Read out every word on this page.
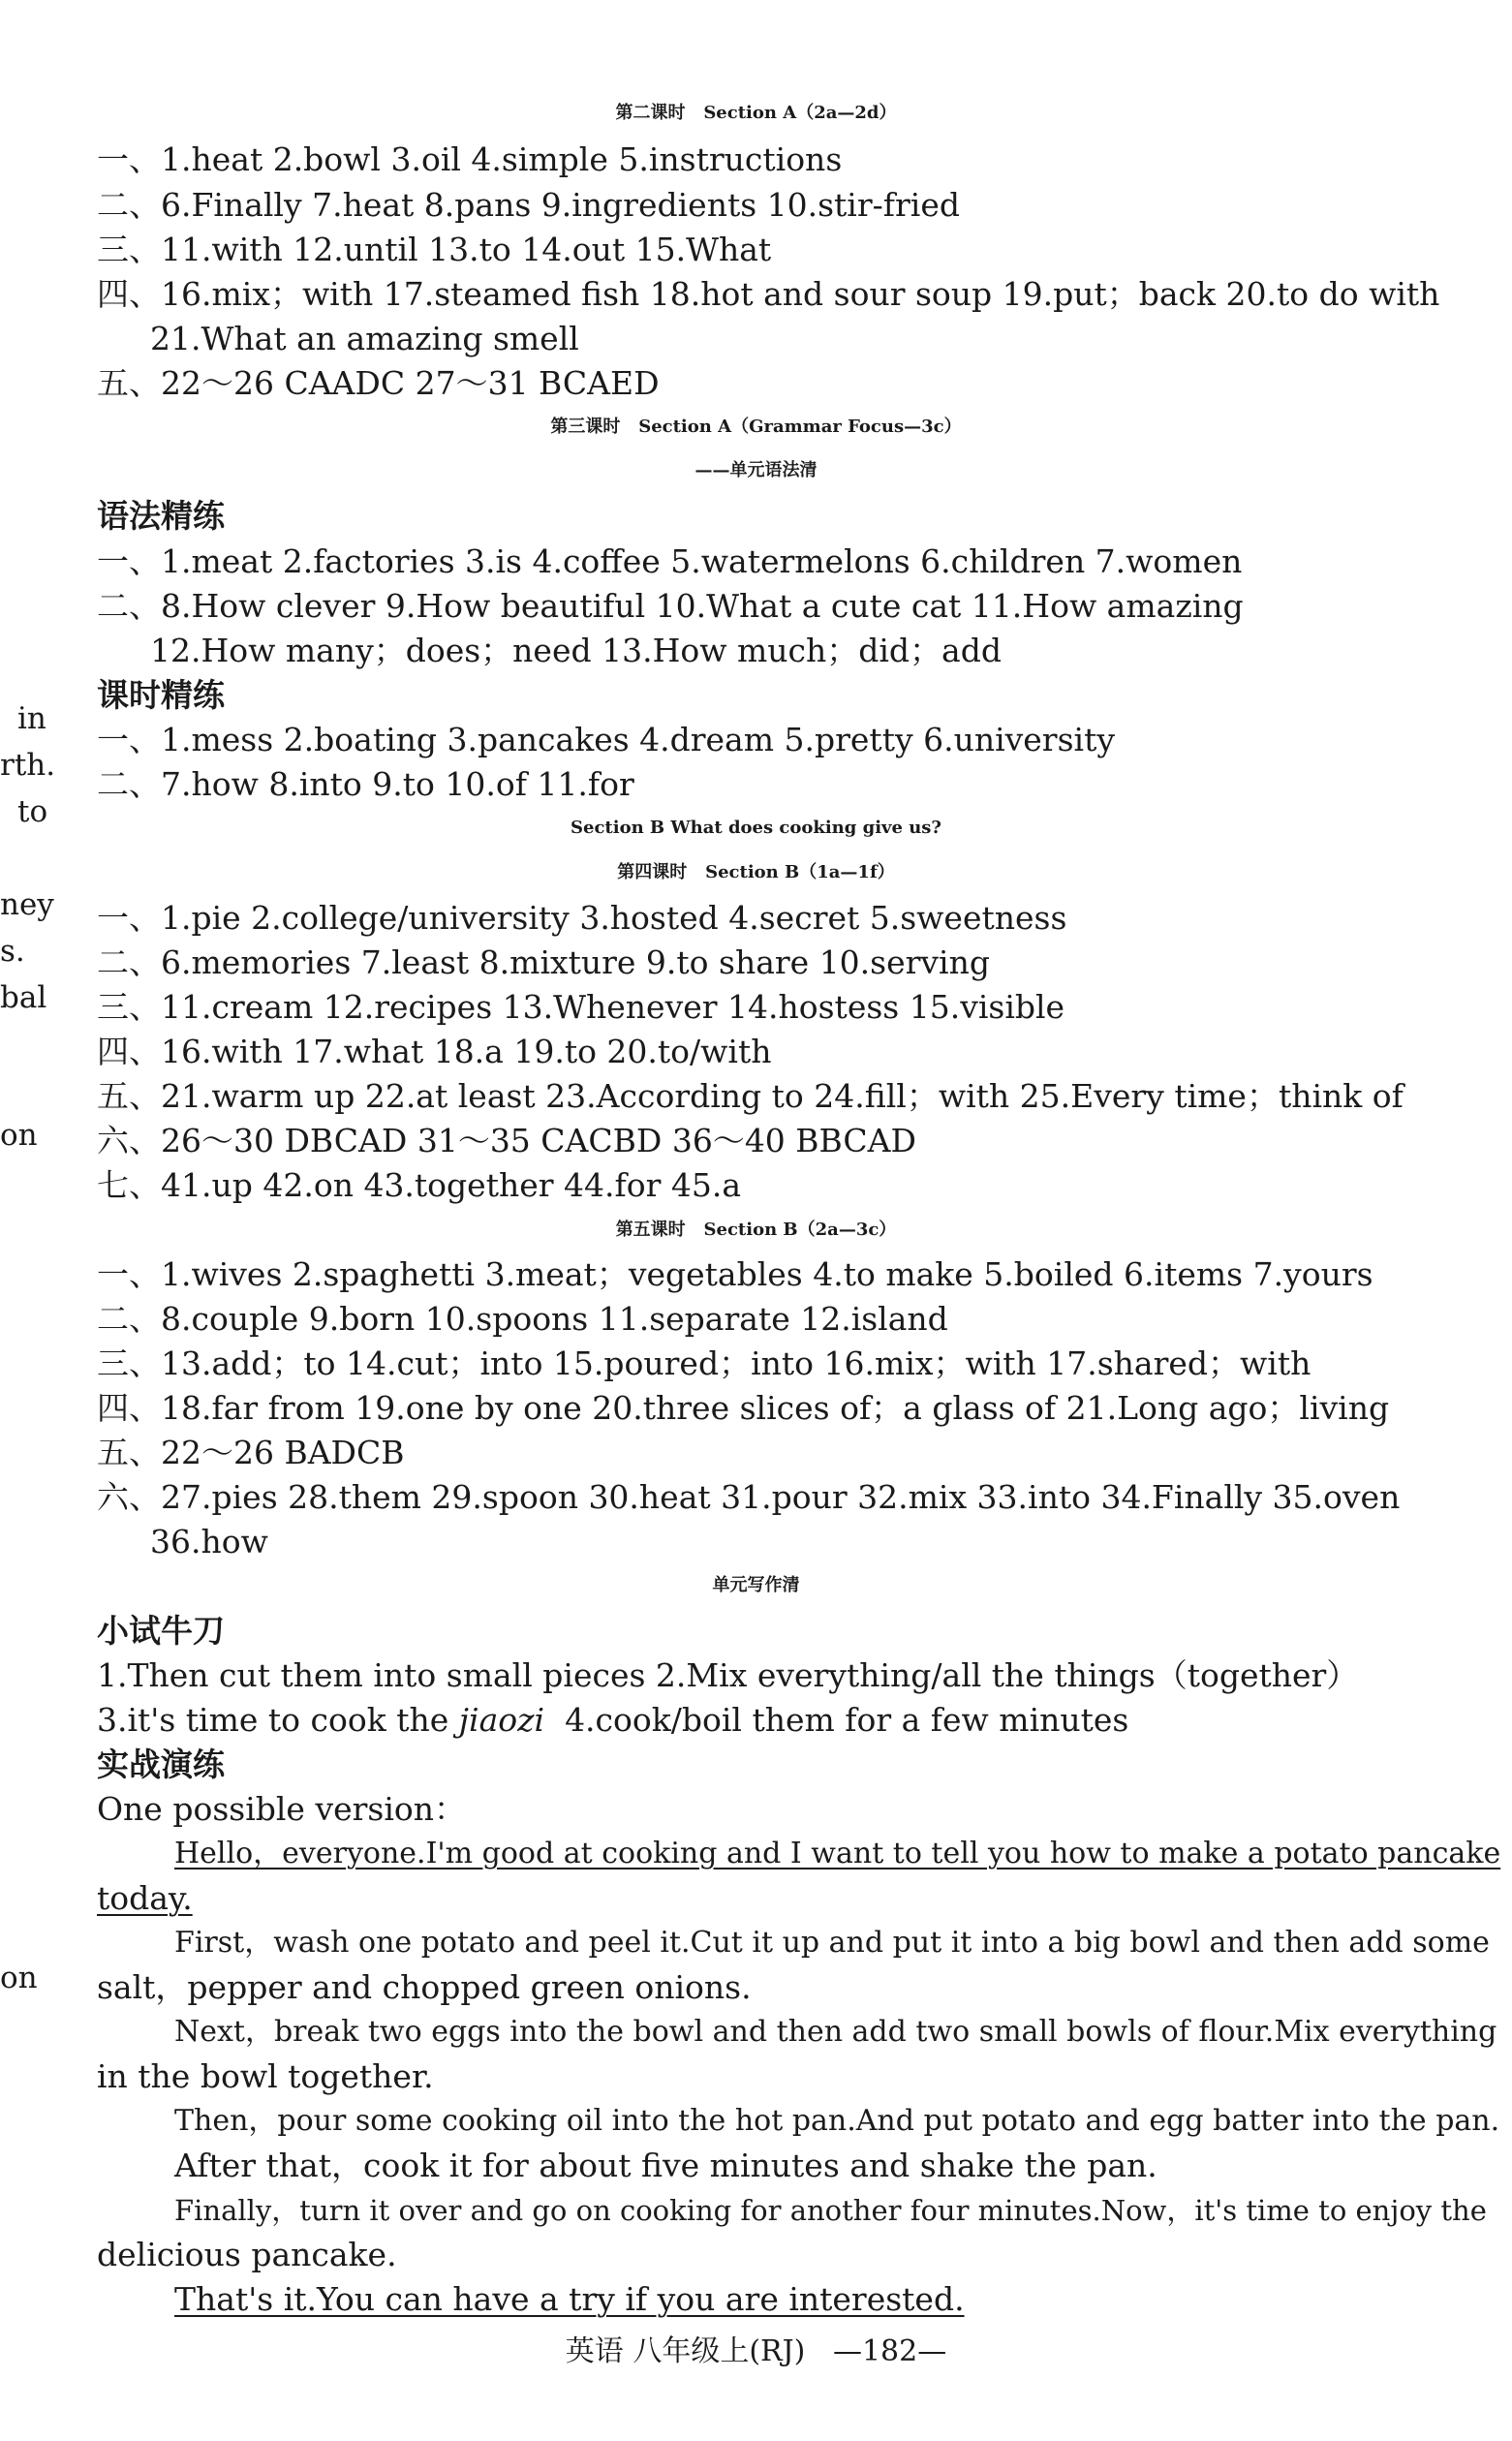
in
rth.
to
ney
s.
bal
on
on
第二课时 Section A（2a—2d）
一、1.heat 2.bowl 3.oil 4.simple 5.instructions
二、6.Finally 7.heat 8.pans 9.ingredients 10.stir-fried
三、11.with 12.until 13.to 14.out 15.What
四、16.mix；with 17.steamed fish 18.hot and sour soup 19.put；back 20.to do with
21.What an amazing smell
五、22～26 CAADC 27～31 BCAED
第三课时 Section A（Grammar Focus—3c）
——单元语法清
语法精练
一、1.meat 2.factories 3.is 4.coffee 5.watermelons 6.children 7.women
二、8.How clever 9.How beautiful 10.What a cute cat 11.How amazing
12.How many；does；need 13.How much；did；add
课时精练
一、1.mess 2.boating 3.pancakes 4.dream 5.pretty 6.university
二、7.how 8.into 9.to 10.of 11.for
Section B What does cooking give us?
第四课时 Section B（1a—1f）
一、1.pie 2.college/university 3.hosted 4.secret 5.sweetness
二、6.memories 7.least 8.mixture 9.to share 10.serving
三、11.cream 12.recipes 13.Whenever 14.hostess 15.visible
四、16.with 17.what 18.a 19.to 20.to/with
五、21.warm up 22.at least 23.According to 24.fill；with 25.Every time；think of
六、26～30 DBCAD 31～35 CACBD 36～40 BBCAD
七、41.up 42.on 43.together 44.for 45.a
第五课时 Section B（2a—3c）
一、1.wives 2.spaghetti 3.meat；vegetables 4.to make 5.boiled 6.items 7.yours
二、8.couple 9.born 10.spoons 11.separate 12.island
三、13.add；to 14.cut；into 15.poured；into 16.mix；with 17.shared；with
四、18.far from 19.one by one 20.three slices of；a glass of 21.Long ago；living
五、22～26 BADCB
六、27.pies 28.them 29.spoon 30.heat 31.pour 32.mix 33.into 34.Finally 35.oven
36.how
单元写作清
小试牛刀
1.Then cut them into small pieces 2.Mix everything/all the things（together）
3.it's time to cook the jiaozi 4.cook/boil them for a few minutes
实战演练
One possible version：
Hello，everyone.I'm good at cooking and I want to tell you how to make a potato pancake
today.
First，wash one potato and peel it.Cut it up and put it into a big bowl and then add some
salt，pepper and chopped green onions.
Next，break two eggs into the bowl and then add two small bowls of flour.Mix everything
in the bowl together.
Then，pour some cooking oil into the hot pan.And put potato and egg batter into the pan.
After that，cook it for about five minutes and shake the pan.
Finally，turn it over and go on cooking for another four minutes.Now，it's time to enjoy the
delicious pancake.
That's it.You can have a try if you are interested.
英语 八年级上(RJ) —182—
